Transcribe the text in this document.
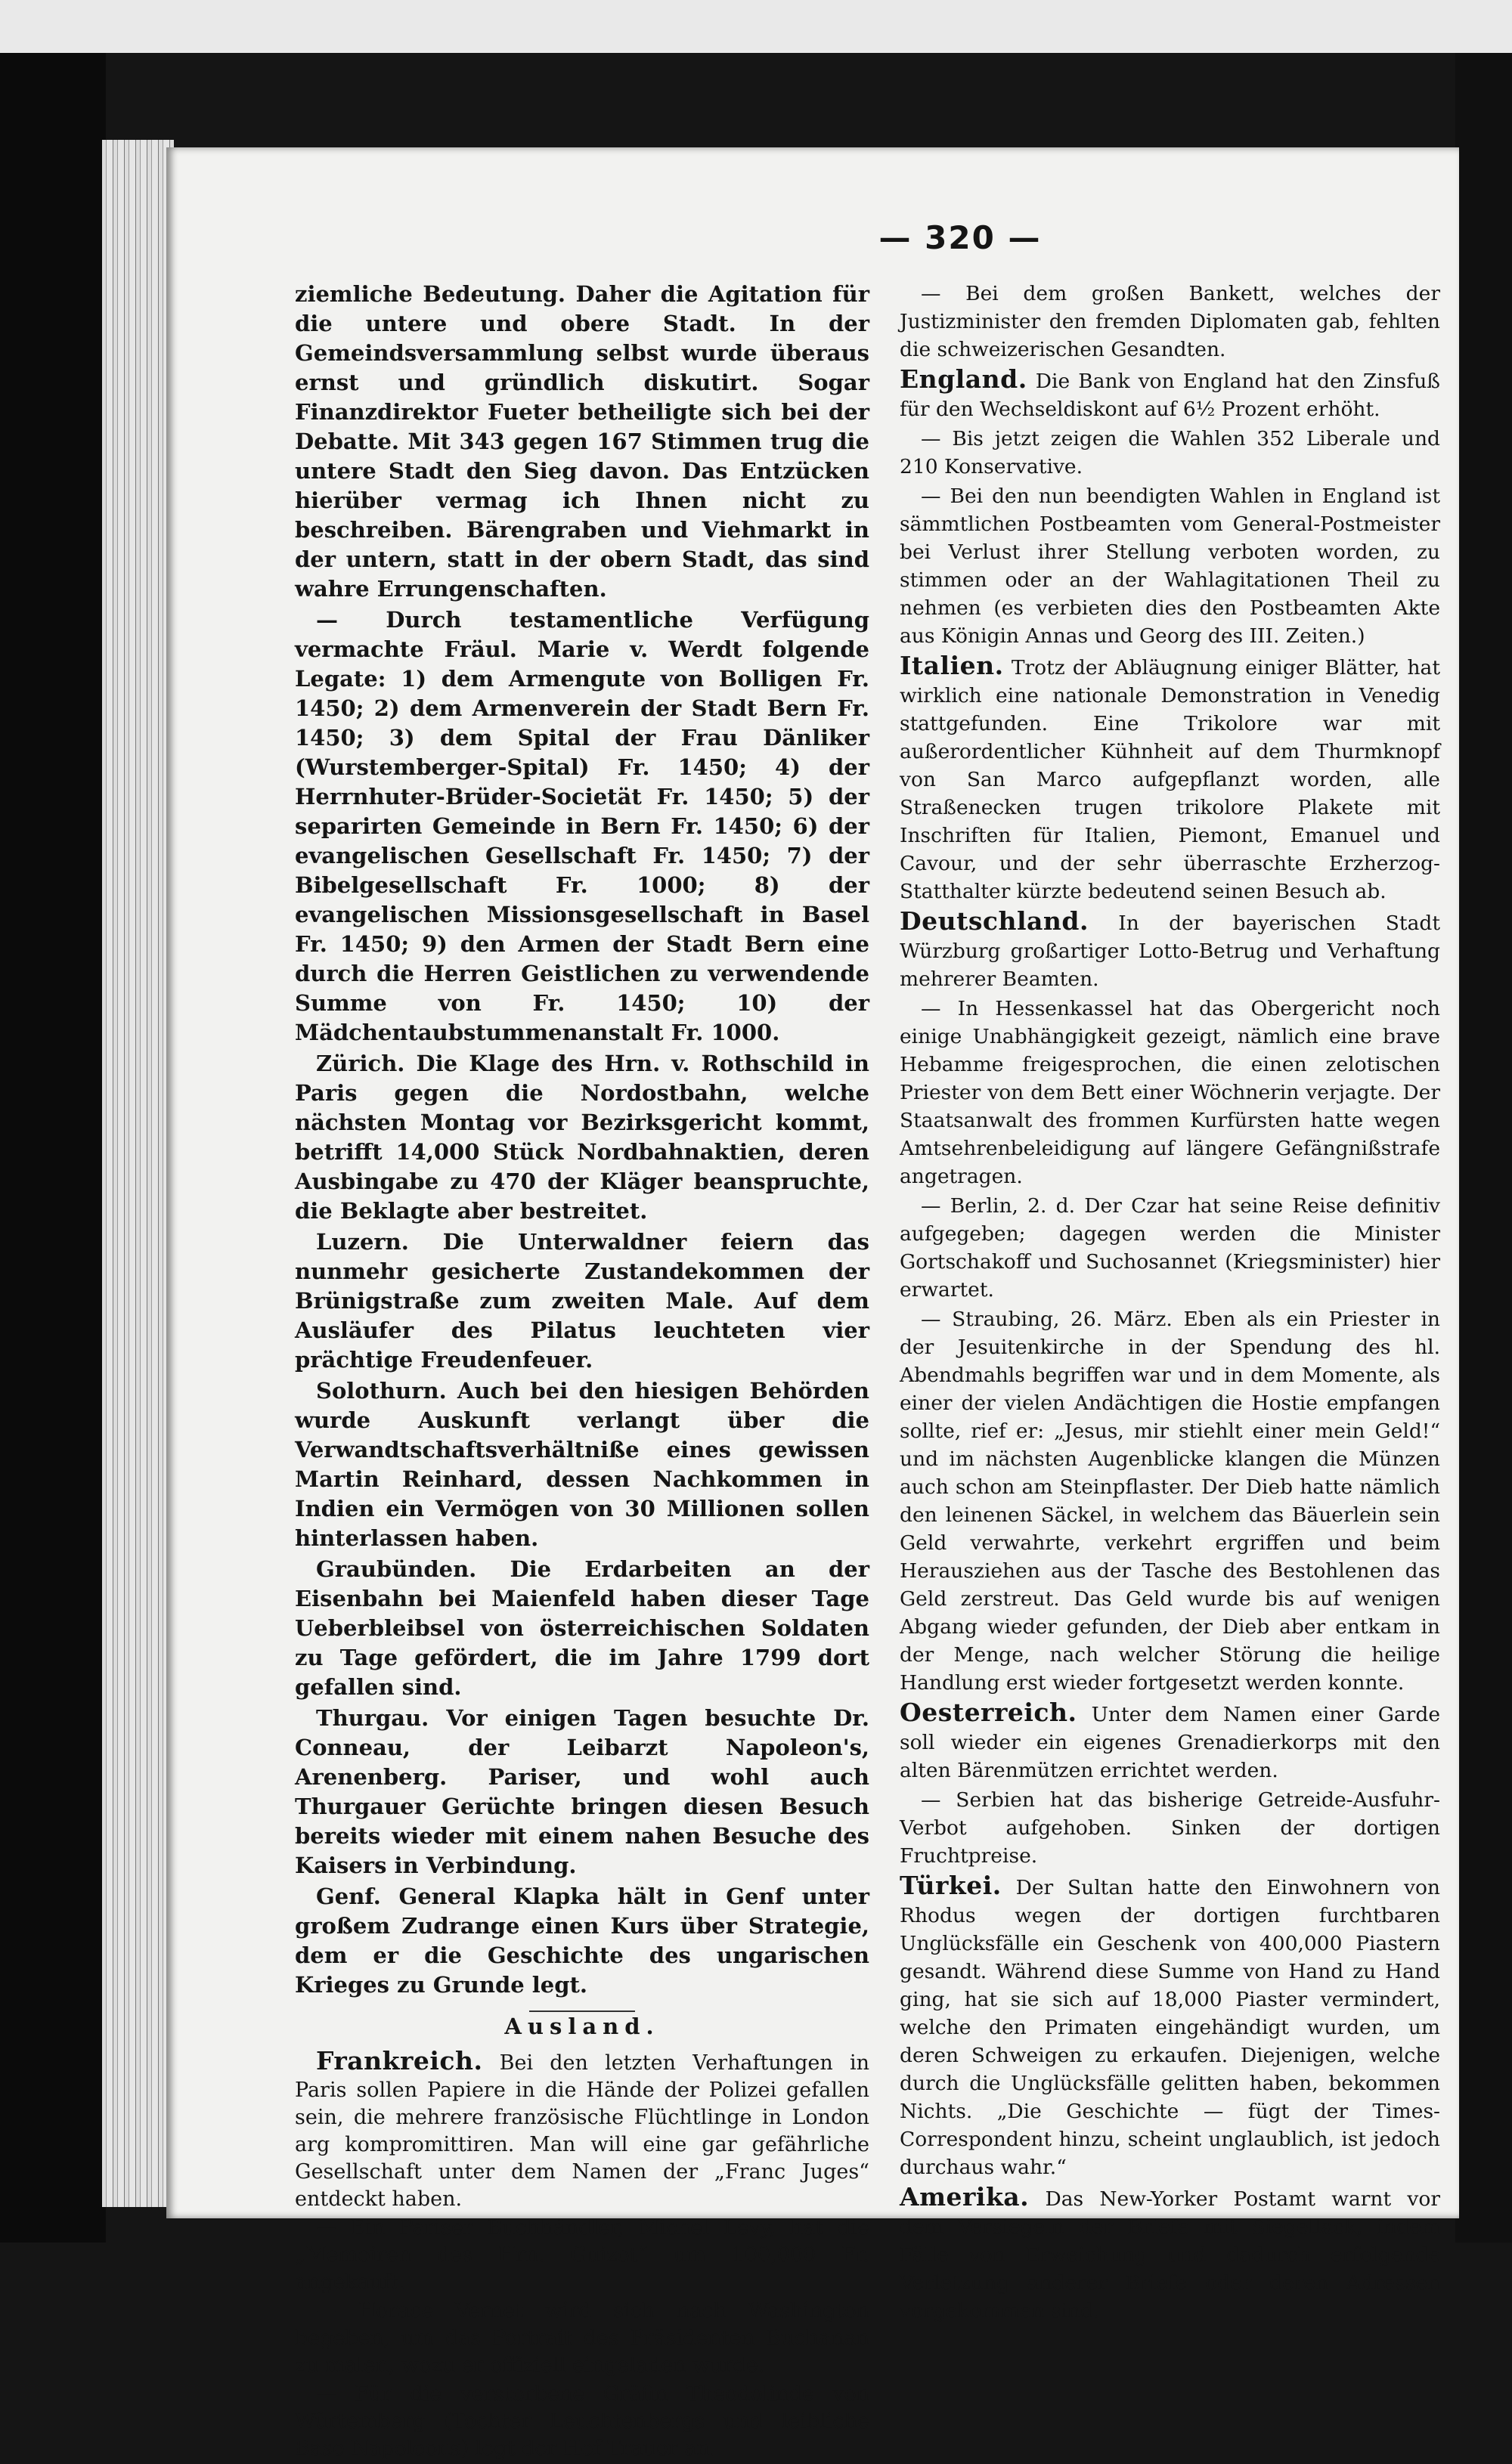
— 320 —

ziemliche Bedeutung. Daher die Agitation für die untere und obere Stadt. In der Gemeindsversammlung selbst wurde überaus ernst und gründlich diskutirt. Sogar Finanzdirektor Fueter betheiligte sich bei der Debatte. Mit 343 gegen 167 Stimmen trug die untere Stadt den Sieg davon. Das Entzücken hierüber vermag ich Ihnen nicht zu beschreiben. Bärengraben und Viehmarkt in der untern, statt in der obern Stadt, das sind wahre Errungenschaften.

— Durch testamentliche Verfügung vermachte Fräul. Marie v. Werdt folgende Legate: 1) dem Armengute von Bolligen Fr. 1450; 2) dem Armenverein der Stadt Bern Fr. 1450; 3) dem Spital der Frau Dänliker (Wurstemberger-Spital) Fr. 1450; 4) der Herrnhuter-Brüder-Societät Fr. 1450; 5) der separirten Gemeinde in Bern Fr. 1450; 6) der evangelischen Gesellschaft Fr. 1450; 7) der Bibelgesellschaft Fr. 1000; 8) der evangelischen Missionsgesellschaft in Basel Fr. 1450; 9) den Armen der Stadt Bern eine durch die Herren Geistlichen zu verwendende Summe von Fr. 1450; 10) der Mädchentaubstummenanstalt Fr. 1000.

Zürich. Die Klage des Hrn. v. Rothschild in Paris gegen die Nordostbahn, welche nächsten Montag vor Bezirksgericht kommt, betrifft 14,000 Stück Nordbahnaktien, deren Ausbingabe zu 470 der Kläger beanspruchte, die Beklagte aber bestreitet.

Luzern. Die Unterwaldner feiern das nunmehr gesicherte Zustandekommen der Brünigstraße zum zweiten Male. Auf dem Ausläufer des Pilatus leuchteten vier prächtige Freudenfeuer.

Solothurn. Auch bei den hiesigen Behörden wurde Auskunft verlangt über die Verwandtschaftsverhältniße eines gewissen Martin Reinhard, dessen Nachkommen in Indien ein Vermögen von 30 Millionen sollen hinterlassen haben.

Graubünden. Die Erdarbeiten an der Eisenbahn bei Maienfeld haben dieser Tage Ueberbleibsel von österreichischen Soldaten zu Tage gefördert, die im Jahre 1799 dort gefallen sind.

Thurgau. Vor einigen Tagen besuchte Dr. Conneau, der Leibarzt Napoleon's, Arenenberg. Pariser, und wohl auch Thurgauer Gerüchte bringen diesen Besuch bereits wieder mit einem nahen Besuche des Kaisers in Verbindung.

Genf. General Klapka hält in Genf unter großem Zudrange einen Kurs über Strategie, dem er die Geschichte des ungarischen Krieges zu Grunde legt.

Ausland.

Frankreich. Bei den letzten Verhaftungen in Paris sollen Papiere in die Hände der Polizei gefallen sein, die mehrere französische Flüchtlinge in London arg kompromittiren. Man will eine gar gefährliche Gesellschaft unter dem Namen der „Franc Juges“ entdeckt haben.

— Ein Pariser Buchhändler, Michel Levy, hat die „Memoiren des Hrn. Guizot“ um 100,000 Fr. angekauft.

— Horace Vernet wird sich nach Washington begeben, um das Portrait des Präsidenten Buchanan zu malen, wozu er offiziell eingeladen wurde.

— Für die verstorbene Gräfin Theodolinde von Würtemberg (Tochter Leuchtenbergs und leibliche Base Napoleons) legt der Hof Trauer an.

— Bei dem großen Bankett, welches der Justizminister den fremden Diplomaten gab, fehlten die schweizerischen Gesandten.

England. Die Bank von England hat den Zinsfuß für den Wechseldiskont auf 6½ Prozent erhöht.

— Bis jetzt zeigen die Wahlen 352 Liberale und 210 Konservative.

— Bei den nun beendigten Wahlen in England ist sämmtlichen Postbeamten vom General-Postmeister bei Verlust ihrer Stellung verboten worden, zu stimmen oder an der Wahlagitationen Theil zu nehmen (es verbieten dies den Postbeamten Akte aus Königin Annas und Georg des III. Zeiten.)

Italien. Trotz der Abläugnung einiger Blätter, hat wirklich eine nationale Demonstration in Venedig stattgefunden. Eine Trikolore war mit außerordentlicher Kühnheit auf dem Thurmknopf von San Marco aufgepflanzt worden, alle Straßenecken trugen trikolore Plakete mit Inschriften für Italien, Piemont, Emanuel und Cavour, und der sehr überraschte Erzherzog-Statthalter kürzte bedeutend seinen Besuch ab.

Deutschland. In der bayerischen Stadt Würzburg großartiger Lotto-Betrug und Verhaftung mehrerer Beamten.

— In Hessenkassel hat das Obergericht noch einige Unabhängigkeit gezeigt, nämlich eine brave Hebamme freigesprochen, die einen zelotischen Priester von dem Bett einer Wöchnerin verjagte. Der Staatsanwalt des frommen Kurfürsten hatte wegen Amtsehrenbeleidigung auf längere Gefängnißstrafe angetragen.

— Berlin, 2. d. Der Czar hat seine Reise definitiv aufgegeben; dagegen werden die Minister Gortschakoff und Suchosannet (Kriegsminister) hier erwartet.

— Straubing, 26. März. Eben als ein Priester in der Jesuitenkirche in der Spendung des hl. Abendmahls begriffen war und in dem Momente, als einer der vielen Andächtigen die Hostie empfangen sollte, rief er: „Jesus, mir stiehlt einer mein Geld!“ und im nächsten Augenblicke klangen die Münzen auch schon am Steinpflaster. Der Dieb hatte nämlich den leinenen Säckel, in welchem das Bäuerlein sein Geld verwahrte, verkehrt ergriffen und beim Herausziehen aus der Tasche des Bestohlenen das Geld zerstreut. Das Geld wurde bis auf wenigen Abgang wieder gefunden, der Dieb aber entkam in der Menge, nach welcher Störung die heilige Handlung erst wieder fortgesetzt werden konnte.

Oesterreich. Unter dem Namen einer Garde soll wieder ein eigenes Grenadierkorps mit den alten Bärenmützen errichtet werden.

— Serbien hat das bisherige Getreide-Ausfuhr-Verbot aufgehoben. Sinken der dortigen Fruchtpreise.

Türkei. Der Sultan hatte den Einwohnern von Rhodus wegen der dortigen furchtbaren Unglücksfälle ein Geschenk von 400,000 Piastern gesandt. Während diese Summe von Hand zu Hand ging, hat sie sich auf 18,000 Piaster vermindert, welche den Primaten eingehändigt wurden, um deren Schweigen zu erkaufen. Diejenigen, welche durch die Unglücksfälle gelitten haben, bekommen Nichts. „Die Geschichte — fügt der Times-Correspondent hinzu, scheint unglaublich, ist jedoch durchaus wahr.“

Amerika. Das New-Yorker Postamt warnt vor dem Versiegeln der Briefe mit Siegellack, indem Fälle von Erweichung und dadurch erfolgende Verletzung anderer Briefe oder deren Adressen vorgekommen sind.
